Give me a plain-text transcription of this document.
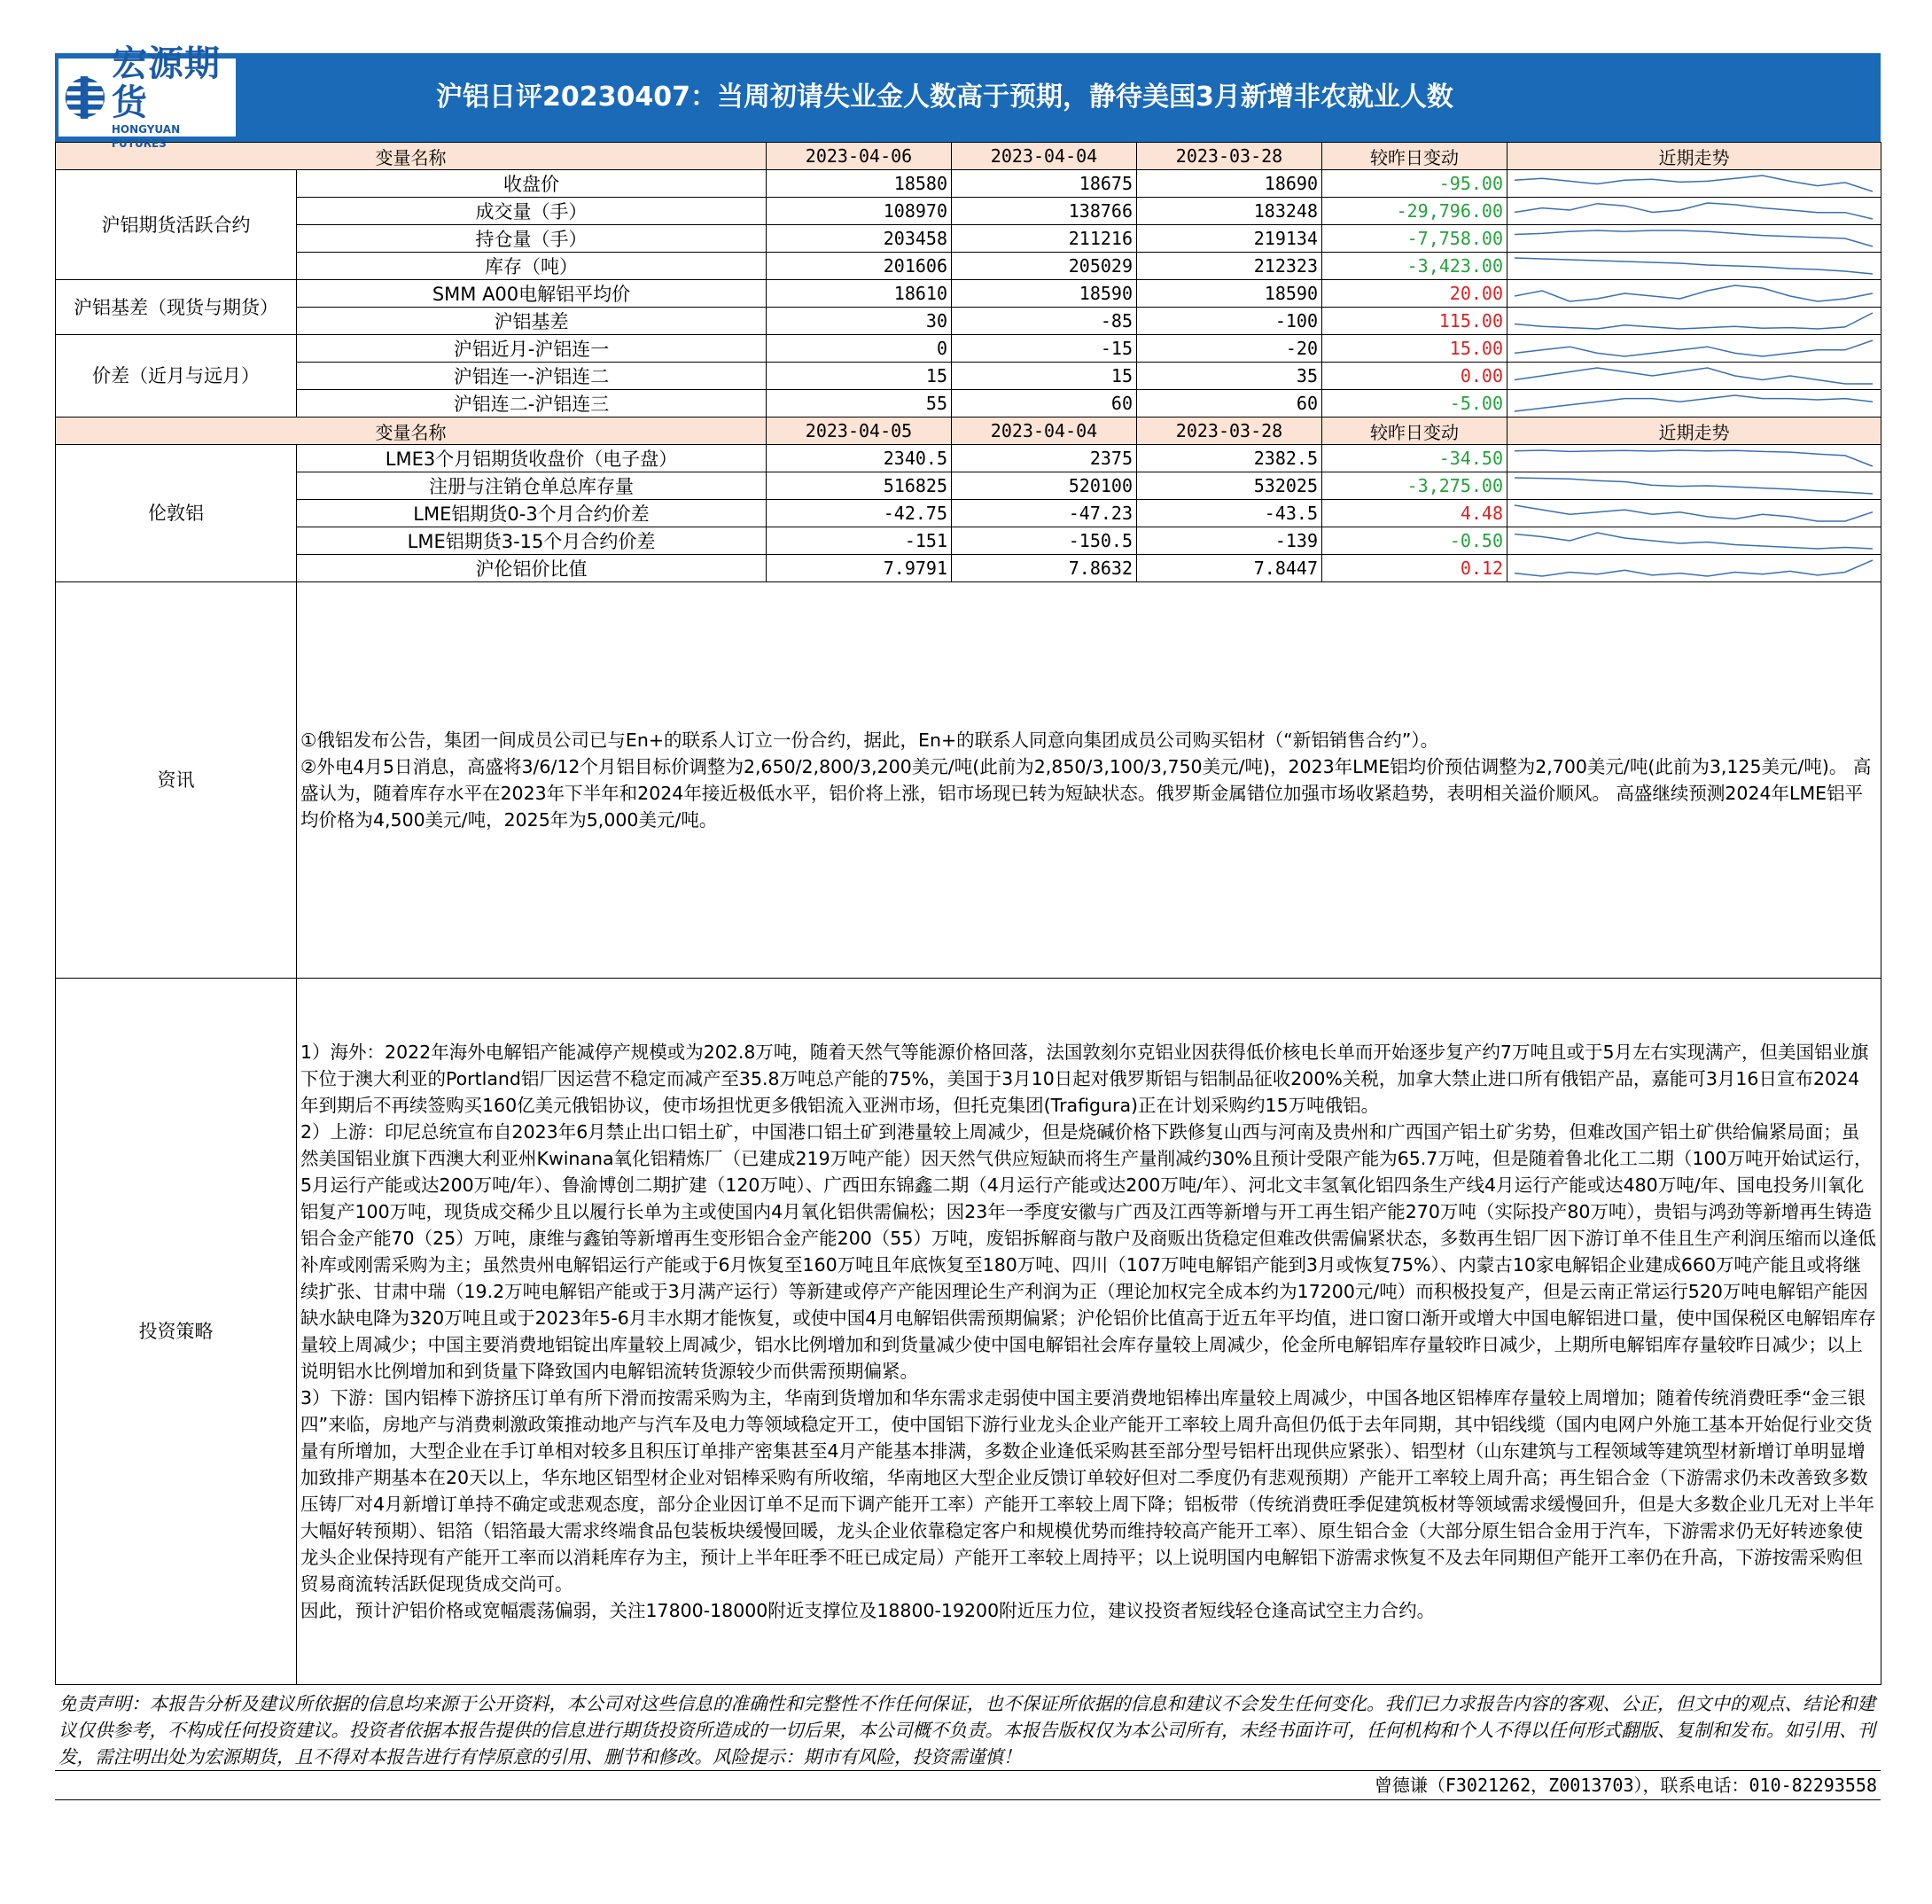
宏源期货
HONGYUAN FUTURES
沪铝日评20230407：当周初请失业金人数高于预期，静待美国3月新增非农就业人数
变量名称		2023-04-06	2023-04-04	2023-03-28	较昨日变动	近期走势
沪铝期货活跃合约	收盘价	18580	18675	18690	-95.00	

	成交量（手）	108970	138766	183248	-29,796.00	

	持仓量（手）	203458	211216	219134	-7,758.00	

	库存（吨）	201606	205029	212323	-3,423.00	

沪铝基差（现货与期货）	SMM A00电解铝平均价	18610	18590	18590	20.00	

	沪铝基差	30	-85	-100	115.00	

价差（近月与远月）	沪铝近月-沪铝连一	0	-15	-20	15.00	

	沪铝连一-沪铝连二	15	15	35	0.00	

	沪铝连二-沪铝连三	55	60	60	-5.00	

变量名称		2023-04-05	2023-04-04	2023-03-28	较昨日变动	近期走势
伦敦铝	LME3个月铝期货收盘价（电子盘）	2340.5	2375	2382.5	-34.50	

	注册与注销仓单总库存量	516825	520100	532025	-3,275.00	

	LME铝期货0-3个月合约价差	-42.75	-47.23	-43.5	4.48	

	LME铝期货3-15个月合约价差	-151	-150.5	-139	-0.50	

	沪伦铝价比值	7.9791	7.8632	7.8447	0.12	

资讯	①俄铝发布公告，集团一间成员公司已与En+的联系人订立一份合约，据此，En+的联系人同意向集团成员公司购买铝材（“新铝销售合约”）。

②外电4月5日消息，高盛将3/6/12个月铝目标价调整为2,650/2,800/3,200美元/吨(此前为2,850/3,100/3,750美元/吨)，2023年LME铝均价预估调整为2,700美元/吨(此前为3,125美元/吨)。 高盛认为，随着库存水平在2023年下半年和2024年接近极低水平，铝价将上涨，铝市场现已转为短缺状态。俄罗斯金属错位加强市场收紧趋势，表明相关溢价顺风。 高盛继续预测2024年LME铝平均价格为4,500美元/吨，2025年为5,000美元/吨。					

投资策略	1）海外：2022年海外电解铝产能减停产规模或为202.8万吨，随着天然气等能源价格回落，法国敦刻尔克铝业因获得低价核电长单而开始逐步复产约7万吨且或于5月左右实现满产，但美国铝业旗下位于澳大利亚的Portland铝厂因运营不稳定而减产至35.8万吨总产能的75%，美国于3月10日起对俄罗斯铝与铝制品征收200%关税，加拿大禁止进口所有俄铝产品，嘉能可3月16日宣布2024年到期后不再续签购买160亿美元俄铝协议，使市场担忧更多俄铝流入亚洲市场，但托克集团(Trafigura)正在计划采购约15万吨俄铝。

2）上游：印尼总统宣布自2023年6月禁止出口铝土矿，中国港口铝土矿到港量较上周减少，但是烧碱价格下跌修复山西与河南及贵州和广西国产铝土矿劣势，但难改国产铝土矿供给偏紧局面；虽然美国铝业旗下西澳大利亚州Kwinana氧化铝精炼厂（已建成219万吨产能）因天然气供应短缺而将生产量削减约30%且预计受限产能为65.7万吨，但是随着鲁北化工二期（100万吨开始试运行，5月运行产能或达200万吨/年）、鲁渝博创二期扩建（120万吨）、广西田东锦鑫二期（4月运行产能或达200万吨/年）、河北文丰氢氧化铝四条生产线4月运行产能或达480万吨/年、国电投务川氧化铝复产100万吨，现货成交稀少且以履行长单为主或使国内4月氧化铝供需偏松；因23年一季度安徽与广西及江西等新增与开工再生铝产能270万吨（实际投产80万吨），贵铝与鸿劲等新增再生铸造铝合金产能70（25）万吨，康维与鑫铂等新增再生变形铝合金产能200（55）万吨，废铝拆解商与散户及商贩出货稳定但难改供需偏紧状态，多数再生铝厂因下游订单不佳且生产利润压缩而以逢低补库或刚需采购为主；虽然贵州电解铝运行产能或于6月恢复至160万吨且年底恢复至180万吨、四川（107万吨电解铝产能到3月或恢复75%）、内蒙古10家电解铝企业建成660万吨产能且或将继续扩张、甘肃中瑞（19.2万吨电解铝产能或于3月满产运行）等新建或停产产能因理论生产利润为正（理论加权完全成本约为17200元/吨）而积极投复产，但是云南正常运行520万吨电解铝产能因缺水缺电降为320万吨且或于2023年5-6月丰水期才能恢复，或使中国4月电解铝供需预期偏紧；沪伦铝价比值高于近五年平均值，进口窗口渐开或增大中国电解铝进口量，使中国保税区电解铝库存量较上周减少；中国主要消费地铝锭出库量较上周减少，铝水比例增加和到货量减少使中国电解铝社会库存量较上周减少，伦金所电解铝库存量较昨日减少，上期所电解铝库存量较昨日减少；以上说明铝水比例增加和到货量下降致国内电解铝流转货源较少而供需预期偏紧。

3）下游：国内铝棒下游挤压订单有所下滑而按需采购为主，华南到货增加和华东需求走弱使中国主要消费地铝棒出库量较上周减少，中国各地区铝棒库存量较上周增加；随着传统消费旺季“金三银四”来临，房地产与消费刺激政策推动地产与汽车及电力等领域稳定开工，使中国铝下游行业龙头企业产能开工率较上周升高但仍低于去年同期，其中铝线缆（国内电网户外施工基本开始促行业交货量有所增加，大型企业在手订单相对较多且积压订单排产密集甚至4月产能基本排满，多数企业逢低采购甚至部分型号铝杆出现供应紧张）、铝型材（山东建筑与工程领域等建筑型材新增订单明显增加致排产期基本在20天以上，华东地区铝型材企业对铝棒采购有所收缩，华南地区大型企业反馈订单较好但对二季度仍有悲观预期）产能开工率较上周升高；再生铝合金（下游需求仍未改善致多数压铸厂对4月新增订单持不确定或悲观态度，部分企业因订单不足而下调产能开工率）产能开工率较上周下降；铝板带（传统消费旺季促建筑板材等领域需求缓慢回升，但是大多数企业几无对上半年大幅好转预期）、铝箔（铝箔最大需求终端食品包装板块缓慢回暖，龙头企业依靠稳定客户和规模优势而维持较高产能开工率）、原生铝合金（大部分原生铝合金用于汽车，下游需求仍无好转迹象使龙头企业保持现有产能开工率而以消耗库存为主，预计上半年旺季不旺已成定局）产能开工率较上周持平；以上说明国内电解铝下游需求恢复不及去年同期但产能开工率仍在升高，下游按需采购但贸易商流转活跃促现货成交尚可。

因此，预计沪铝价格或宽幅震荡偏弱，关注17800-18000附近支撑位及18800-19200附近压力位，建议投资者短线轻仓逢高试空主力合约。					

免责声明：本报告分析及建议所依据的信息均来源于公开资料，本公司对这些信息的准确性和完整性不作任何保证，也不保证所依据的信息和建议不会发生任何变化。我们已力求报告内容的客观、公正，但文中的观点、结论和建议仅供参考，不构成任何投资建议。投资者依据本报告提供的信息进行期货投资所造成的一切后果，本公司概不负责。本报告版权仅为本公司所有，未经书面许可，任何机构和个人不得以任何形式翻版、复制和发布。如引用、刊发，需注明出处为宏源期货，且不得对本报告进行有悖原意的引用、删节和修改。风险提示：期市有风险，投资需谨慎！
曾德谦（F3021262，Z0013703），联系电话：010-82293558
